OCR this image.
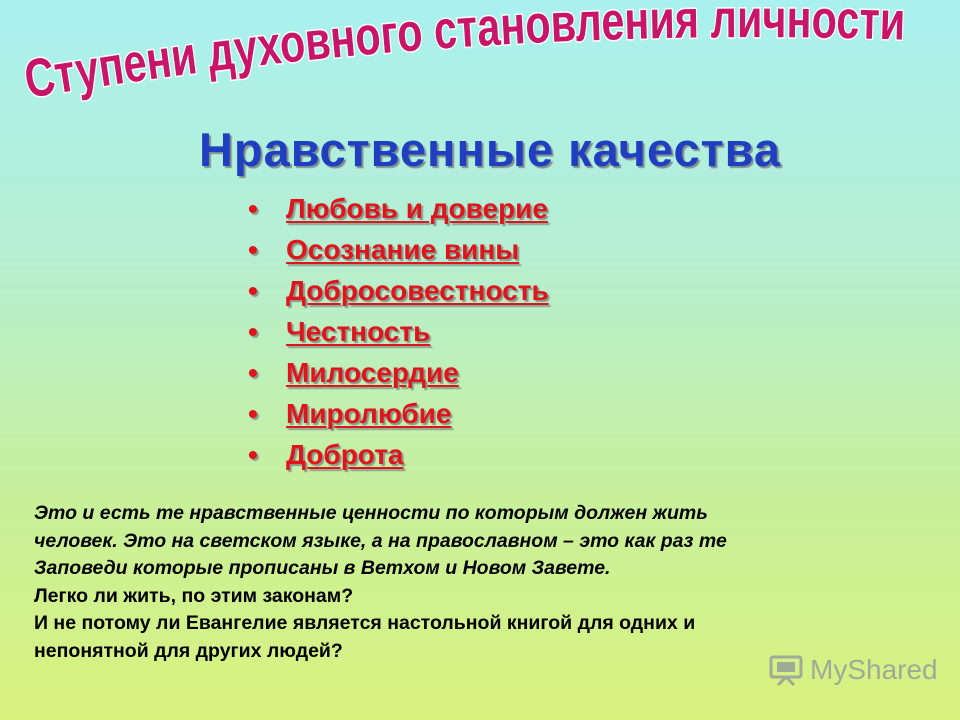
Ступени духовного становления личности
Нравственные качества
•Любовь и доверие
•Осознание вины
•Добросовестность
•Честность
•Милосердие
•Миролюбие
•Доброта
Это и есть те нравственные ценности по которым должен жить
человек. Это на светском языке, а на православном – это как раз те
Заповеди которые прописаны в Ветхом и Новом Завете.
Легко ли жить, по этим законам?
И не потому ли Евангелие является настольной книгой для одних и
непонятной для других людей?
MyShared
